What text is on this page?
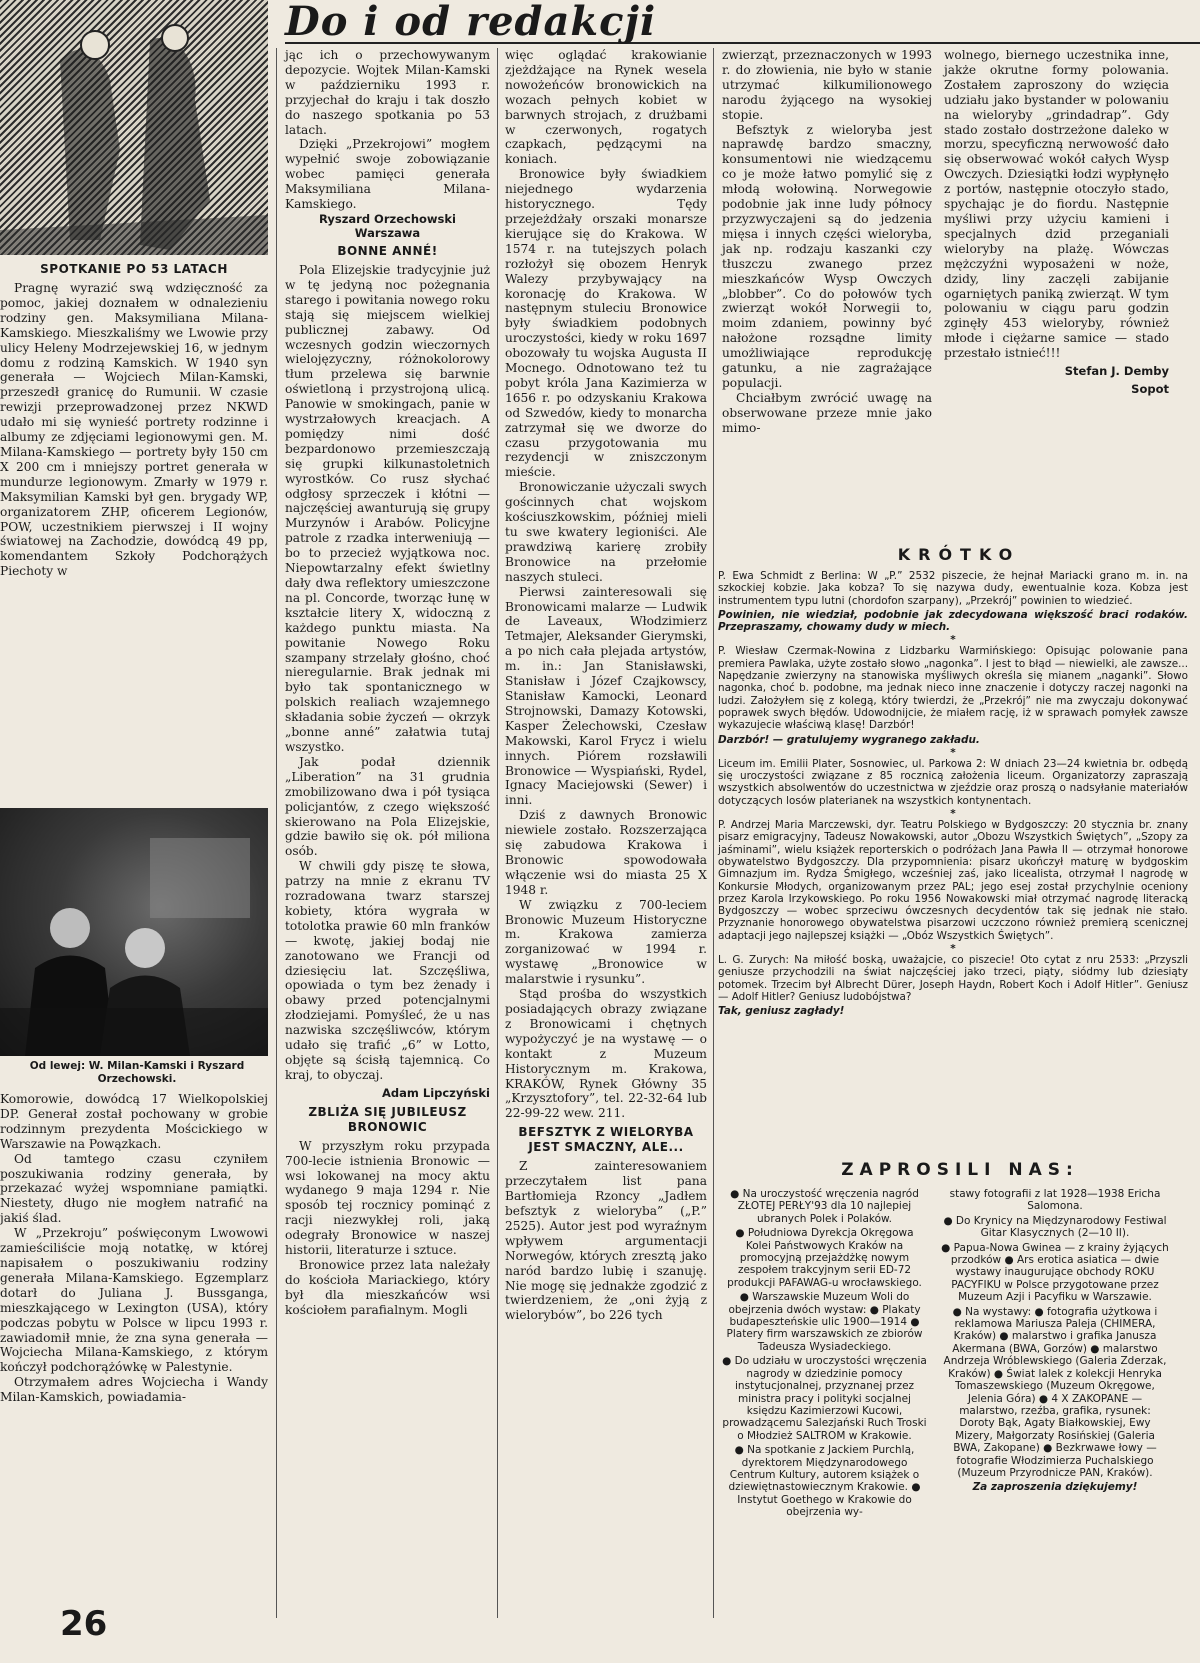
Do i od redakcji
SPOTKANIE PO 53 LATACH

Pragnę wyrazić swą wdzięczność za pomoc, jakiej doznałem w odnalezieniu rodziny gen. Maksymiliana Milana-Kamskiego. Mieszkaliśmy we Lwowie przy ulicy Heleny Modrzejewskiej 16, w jednym domu z rodziną Kamskich. W 1940 syn generała — Wojciech Milan-Kamski, przeszedł granicę do Rumunii. W czasie rewizji przeprowadzonej przez NKWD udało mi się wynieść portrety rodzinne i albumy ze zdjęciami legionowymi gen. M. Milana-Kamskiego — portrety były 150 cm X 200 cm i mniejszy portret generała w mundurze legionowym. Zmarły w 1979 r. Maksymilian Kamski był gen. brygady WP, organizatorem ZHP, oficerem Legionów, POW, uczestnikiem pierwszej i II wojny światowej na Zachodzie, dowódcą 49 pp, komendantem Szkoły Podchorążych Piechoty w

Od lewej: W. Milan-Kamski i Ryszard Orzechowski.

Komorowie, dowódcą 17 Wielkopolskiej DP. Generał został pochowany w grobie rodzinnym prezydenta Mościckiego w Warszawie na Powązkach.

Od tamtego czasu czyniłem poszukiwania rodziny generała, by przekazać wyżej wspomniane pamiątki. Niestety, długo nie mogłem natrafić na jakiś ślad.

W „Przekroju” poświęconym Lwowowi zamieściliście moją notatkę, w której napisałem o poszukiwaniu rodziny generała Milana-Kamskiego. Egzemplarz dotarł do Juliana J. Bussganga, mieszkającego w Lexington (USA), który podczas pobytu w Polsce w lipcu 1993 r. zawiadomił mnie, że zna syna generała — Wojciecha Milana-Kamskiego, z którym kończył podchorążówkę w Palestynie.

Otrzymałem adres Wojciecha i Wandy Milan-Kamskich, powiadamia-

jąc ich o przechowywanym depozycie. Wojtek Milan-Kamski w październiku 1993 r. przyjechał do kraju i tak doszło do naszego spotkania po 53 latach.

Dzięki „Przekrojowi” mogłem wypełnić swoje zobowiązanie wobec pamięci generała Maksymiliana Milana-Kamskiego.

Ryszard Orzechowski
Warszawa
BONNE ANNÉ!

Pola Elizejskie tradycyjnie już w tę jedyną noc pożegnania starego i powitania nowego roku stają się miejscem wielkiej publicznej zabawy. Od wczesnych godzin wieczornych wielojęzyczny, różnokolorowy tłum przelewa się barwnie oświetloną i przystrojoną ulicą. Panowie w smokingach, panie w wystrzałowych kreacjach. A pomiędzy nimi dość bezpardonowo przemieszczają się grupki kilkunastoletnich wyrostków. Co rusz słychać odgłosy sprzeczek i kłótni — najczęściej awanturują się grupy Murzynów i Arabów. Policyjne patrole z rzadka interweniują — bo to przecież wyjątkowa noc. Niepowtarzalny efekt świetlny dały dwa reflektory umieszczone na pl. Concorde, tworząc łunę w kształcie litery X, widoczną z każdego punktu miasta. Na powitanie Nowego Roku szampany strzelały głośno, choć nieregularnie. Brak jednak mi było tak spontanicznego w polskich realiach wzajemnego składania sobie życzeń — okrzyk „bonne anné” załatwia tutaj wszystko.

Jak podał dziennik „Liberation” na 31 grudnia zmobilizowano dwa i pół tysiąca policjantów, z czego większość skierowano na Pola Elizejskie, gdzie bawiło się ok. pół miliona osób.

W chwili gdy piszę te słowa, patrzy na mnie z ekranu TV rozradowana twarz starszej kobiety, która wygrała w totolotka prawie 60 mln franków — kwotę, jakiej bodaj nie zanotowano we Francji od dziesięciu lat. Szczęśliwa, opowiada o tym bez żenady i obawy przed potencjalnymi złodziejami. Pomyśleć, że u nas nazwiska szczęśliwców, którym udało się trafić „6” w Lotto, objęte są ścisłą tajemnicą. Co kraj, to obyczaj.

Adam Lipczyński
ZBLIŻA SIĘ JUBILEUSZ BRONOWIC

W przyszłym roku przypada 700-lecie istnienia Bronowic — wsi lokowanej na mocy aktu wydanego 9 maja 1294 r. Nie sposób tej rocznicy pominąć z racji niezwykłej roli, jaką odegrały Bronowice w naszej historii, literaturze i sztuce.

Bronowice przez lata należały do kościoła Mariackiego, który był dla mieszkańców wsi kościołem parafialnym. Mogli

więc oglądać krakowianie zjeżdżające na Rynek wesela nowożeńców bronowickich na wozach pełnych kobiet w barwnych strojach, z drużbami w czerwonych, rogatych czapkach, pędzącymi na koniach.

Bronowice były świadkiem niejednego wydarzenia historycznego. Tędy przejeżdżały orszaki monarsze kierujące się do Krakowa. W 1574 r. na tutejszych polach rozłożył się obozem Henryk Walezy przybywający na koronację do Krakowa. W następnym stuleciu Bronowice były świadkiem podobnych uroczystości, kiedy w roku 1697 obozowały tu wojska Augusta II Mocnego. Odnotowano też tu pobyt króla Jana Kazimierza w 1656 r. po odzyskaniu Krakowa od Szwedów, kiedy to monarcha zatrzymał się we dworze do czasu przygotowania mu rezydencji w zniszczonym mieście.

Bronowiczanie użyczali swych gościnnych chat wojskom kościuszkowskim, później mieli tu swe kwatery legioniści. Ale prawdziwą karierę zrobiły Bronowice na przełomie naszych stuleci.

Pierwsi zainteresowali się Bronowicami malarze — Ludwik de Laveaux, Włodzimierz Tetmajer, Aleksander Gierymski, a po nich cała plejada artystów, m. in.: Jan Stanisławski, Stanisław i Józef Czajkowscy, Stanisław Kamocki, Leonard Strojnowski, Damazy Kotowski, Kasper Żelechowski, Czesław Makowski, Karol Frycz i wielu innych. Piórem rozsławili Bronowice — Wyspiański, Rydel, Ignacy Maciejowski (Sewer) i inni.

Dziś z dawnych Bronowic niewiele zostało. Rozszerzająca się zabudowa Krakowa i Bronowic spowodowała włączenie wsi do miasta 25 X 1948 r.

W związku z 700-leciem Bronowic Muzeum Historyczne m. Krakowa zamierza zorganizować w 1994 r. wystawę „Bronowice w malarstwie i rysunku”.

Stąd prośba do wszystkich posiadających obrazy związane z Bronowicami i chętnych wypożyczyć je na wystawę — o kontakt z Muzeum Historycznym m. Krakowa, KRAKÓW, Rynek Główny 35 „Krzysztofory”, tel. 22-32-64 lub 22-99-22 wew. 211.

BEFSZTYK Z WIELORYBA JEST SMACZNY, ALE...

Z zainteresowaniem przeczytałem list pana Bartłomieja Rzoncy „Jadłem befsztyk z wieloryba” („P.” 2525). Autor jest pod wyraźnym wpływem argumentacji Norwegów, których zresztą jako naród bardzo lubię i szanuję. Nie mogę się jednakże zgodzić z twierdzeniem, że „oni żyją z wielorybów”, bo 226 tych

zwierząt, przeznaczonych w 1993 r. do złowienia, nie było w stanie utrzymać kilkumilionowego narodu żyjącego na wysokiej stopie.

Befsztyk z wieloryba jest naprawdę bardzo smaczny, konsumentowi nie wiedzącemu co je może łatwo pomylić się z młodą wołowiną. Norwegowie podobnie jak inne ludy północy przyzwyczajeni są do jedzenia mięsa i innych części wieloryba, jak np. rodzaju kaszanki czy tłuszczu zwanego przez mieszkańców Wysp Owczych „blobber”. Co do połowów tych zwierząt wokół Norwegii to, moim zdaniem, powinny być nałożone rozsądne limity umożliwiające reprodukcję gatunku, a nie zagrażające populacji.

Chciałbym zwrócić uwagę na obserwowane przeze mnie jako mimo-

wolnego, biernego uczestnika inne, jakże okrutne formy polowania. Zostałem zaproszony do wzięcia udziału jako bystander w polowaniu na wieloryby „grindadrap”. Gdy stado zostało dostrzeżone daleko w morzu, specyficzną nerwowość dało się obserwować wokół całych Wysp Owczych. Dziesiątki łodzi wypłynęło z portów, następnie otoczyło stado, spychając je do fiordu. Następnie myśliwi przy użyciu kamieni i specjalnych dzid przeganiali wieloryby na plażę. Wówczas mężczyźni wyposażeni w noże, dzidy, liny zaczęli zabijanie ogarniętych paniką zwierząt. W tym polowaniu w ciągu paru godzin zginęły 453 wieloryby, również młode i ciężarne samice — stado przestało istnieć!!!

Stefan J. Demby
Sopot
KRÓTKO
P. Ewa Schmidt z Berlina: W „P.” 2532 piszecie, że hejnał Mariacki grano m. in. na szkockiej kobzie. Jaka kobza? To się nazywa dudy, ewentualnie koza. Kobza jest instrumentem typu lutni (chordofon szarpany), „Przekrój” powinien to wiedzieć.
Powinien, nie wiedział, podobnie jak zdecydowana większość braci rodaków. Przepraszamy, chowamy dudy w miech.
*
P. Wiesław Czermak-Nowina z Lidzbarku Warmińskiego: Opisując polowanie pana premiera Pawlaka, użyte zostało słowo „nagonka”. I jest to błąd — niewielki, ale zawsze... Napędzanie zwierzyny na stanowiska myśliwych określa się mianem „naganki”. Słowo nagonka, choć b. podobne, ma jednak nieco inne znaczenie i dotyczy raczej nagonki na ludzi. Założyłem się z kolegą, który twierdzi, że „Przekrój” nie ma zwyczaju dokonywać poprawek swych błędów. Udowodnijcie, że miałem rację, iż w sprawach pomyłek zawsze wykazujecie właściwą klasę! Darzbór!
Darzbór! — gratulujemy wygranego zakładu.
*
Liceum im. Emilii Plater, Sosnowiec, ul. Parkowa 2: W dniach 23—24 kwietnia br. odbędą się uroczystości związane z 85 rocznicą założenia liceum. Organizatorzy zapraszają wszystkich absolwentów do uczestnictwa w zjeździe oraz proszą o nadsyłanie materiałów dotyczących losów platerianek na wszystkich kontynentach.
*
P. Andrzej Maria Marczewski, dyr. Teatru Polskiego w Bydgoszczy: 20 stycznia br. znany pisarz emigracyjny, Tadeusz Nowakowski, autor „Obozu Wszystkich Świętych”, „Szopy za jaśminami”, wielu książek reporterskich o podróżach Jana Pawła II — otrzymał honorowe obywatelstwo Bydgoszczy. Dla przypomnienia: pisarz ukończył maturę w bydgoskim Gimnazjum im. Rydza Śmigłego, wcześniej zaś, jako licealista, otrzymał I nagrodę w Konkursie Młodych, organizowanym przez PAL; jego esej został przychylnie oceniony przez Karola Irzykowskiego. Po roku 1956 Nowakowski miał otrzymać nagrodę literacką Bydgoszczy — wobec sprzeciwu ówczesnych decydentów tak się jednak nie stało. Przyznanie honorowego obywatelstwa pisarzowi uczczono również premierą scenicznej adaptacji jego najlepszej książki — „Obóz Wszystkich Świętych”.
*
L. G. Zurych: Na miłość boską, uważajcie, co piszecie! Oto cytat z nru 2533: „Przyszli geniusze przychodzili na świat najczęściej jako trzeci, piąty, siódmy lub dziesiąty potomek. Trzecim był Albrecht Dürer, Joseph Haydn, Robert Koch i Adolf Hitler”. Geniusz — Adolf Hitler? Geniusz ludobójstwa?
Tak, geniusz zagłady!
ZAPROSILI NAS:

● Na uroczystość wręczenia nagród ZŁOTEJ PERŁY'93 dla 10 najlepiej ubranych Polek i Polaków.

● Południowa Dyrekcja Okręgowa Kolei Państwowych Kraków na promocyjną przejażdżkę nowym zespołem trakcyjnym serii ED-72 produkcji PAFAWAG-u wrocławskiego.

● Warszawskie Muzeum Woli do obejrzenia dwóch wystaw: ● Plakaty budapeszteńskie ulic 1900—1914 ● Platery firm warszawskich ze zbiorów Tadeusza Wysiadeckiego.

● Do udziału w uroczystości wręczenia nagrody w dziedzinie pomocy instytucjonalnej, przyznanej przez ministra pracy i polityki socjalnej księdzu Kazimierzowi Kucowi, prowadzącemu Salezjański Ruch Troski o Młodzież SALTROM w Krakowie.

● Na spotkanie z Jackiem Purchlą, dyrektorem Międzynarodowego Centrum Kultury, autorem książek o dziewiętnastowiecznym Krakowie. ● Instytut Goethego w Krakowie do obejrzenia wy-

stawy fotografii z lat 1928—1938 Ericha Salomona.

● Do Krynicy na Międzynarodowy Festiwal Gitar Klasycznych (2—10 II).

● Papua-Nowa Gwinea — z krainy żyjących przodków ● Ars erotica asiatica — dwie wystawy inaugurujące obchody ROKU PACYFIKU w Polsce przygotowane przez Muzeum Azji i Pacyfiku w Warszawie.

● Na wystawy: ● fotografia użytkowa i reklamowa Mariusza Paleja (CHIMERA, Kraków) ● malarstwo i grafika Janusza Akermana (BWA, Gorzów) ● malarstwo Andrzeja Wróblewskiego (Galeria Zderzak, Kraków) ● Świat lalek z kolekcji Henryka Tomaszewskiego (Muzeum Okręgowe, Jelenia Góra) ● 4 X ZAKOPANE — malarstwo, rzeźba, grafika, rysunek: Doroty Bąk, Agaty Białkowskiej, Ewy Mizery, Małgorzaty Rosińskiej (Galeria BWA, Zakopane) ● Bezkrwawe łowy — fotografie Włodzimierza Puchalskiego (Muzeum Przyrodnicze PAN, Kraków).

Za zaproszenia dziękujemy!

26
